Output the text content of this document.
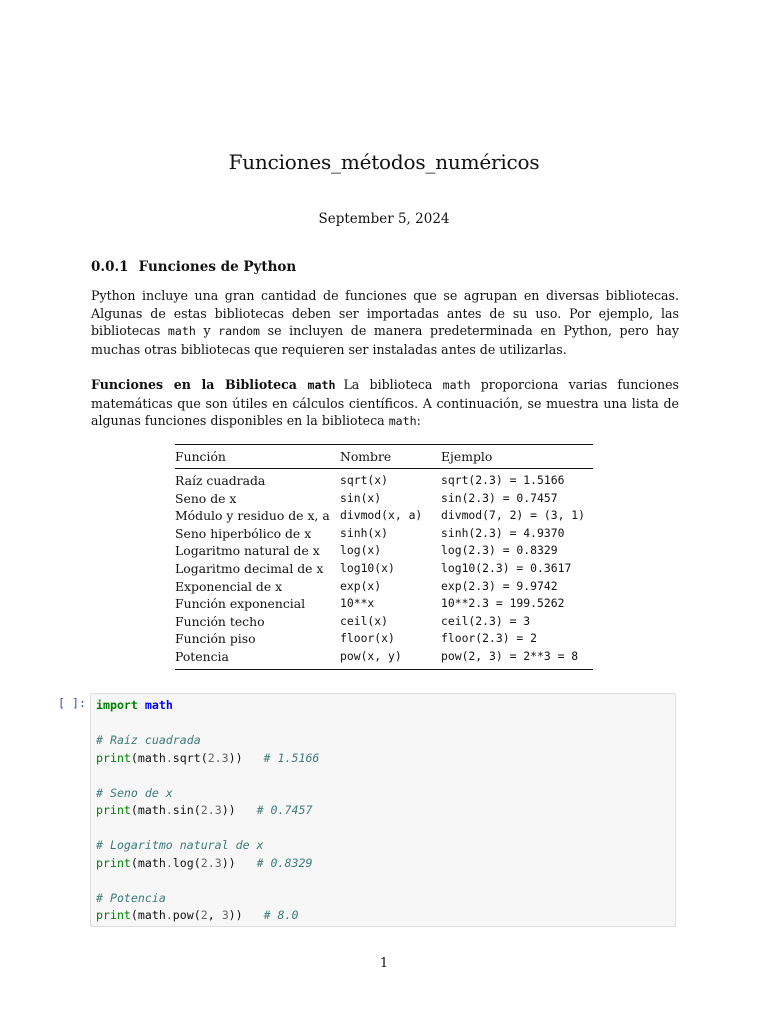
Funciones_métodos_numéricos
September 5, 2024
0.0.1 Funciones de Python

Python incluye una gran cantidad de funciones que se agrupan en diversas bibliotecas. Algunas de estas bibliotecas deben ser importadas antes de su uso. Por ejemplo, las bibliotecas math y random se incluyen de manera predeterminada en Python, pero hay muchas otras bibliotecas que requieren ser instaladas antes de utilizarlas.

Funciones en la Biblioteca math La biblioteca math proporciona varias funciones matemáticas que son útiles en cálculos científicos. A continuación, se muestra una lista de algunas funciones disponibles en la biblioteca math:

Función	Nombre	Ejemplo
Raíz cuadrada	sqrt(x)	sqrt(2.3) = 1.5166
Seno de x	sin(x)	sin(2.3) = 0.7457
Módulo y residuo de x, a	divmod(x, a)	divmod(7, 2) = (3, 1)
Seno hiperbólico de x	sinh(x)	sinh(2.3) = 4.9370
Logaritmo natural de x	log(x)	log(2.3) = 0.8329
Logaritmo decimal de x	log10(x)	log10(2.3) = 0.3617
Exponencial de x	exp(x)	exp(2.3) = 9.9742
Función exponencial	10**x	10**2.3 = 199.5262
Función techo	ceil(x)	ceil(2.3) = 3
Función piso	floor(x)	floor(2.3) = 2
Potencia	pow(x, y)	pow(2, 3) = 2**3 = 8
[ ]: import math

# Raíz cuadrada
print(math.sqrt(2.3))   # 1.5166

# Seno de x
print(math.sin(2.3))   # 0.7457

# Logaritmo natural de x
print(math.log(2.3))   # 0.8329

# Potencia
print(math.pow(2, 3))   # 8.0
1
